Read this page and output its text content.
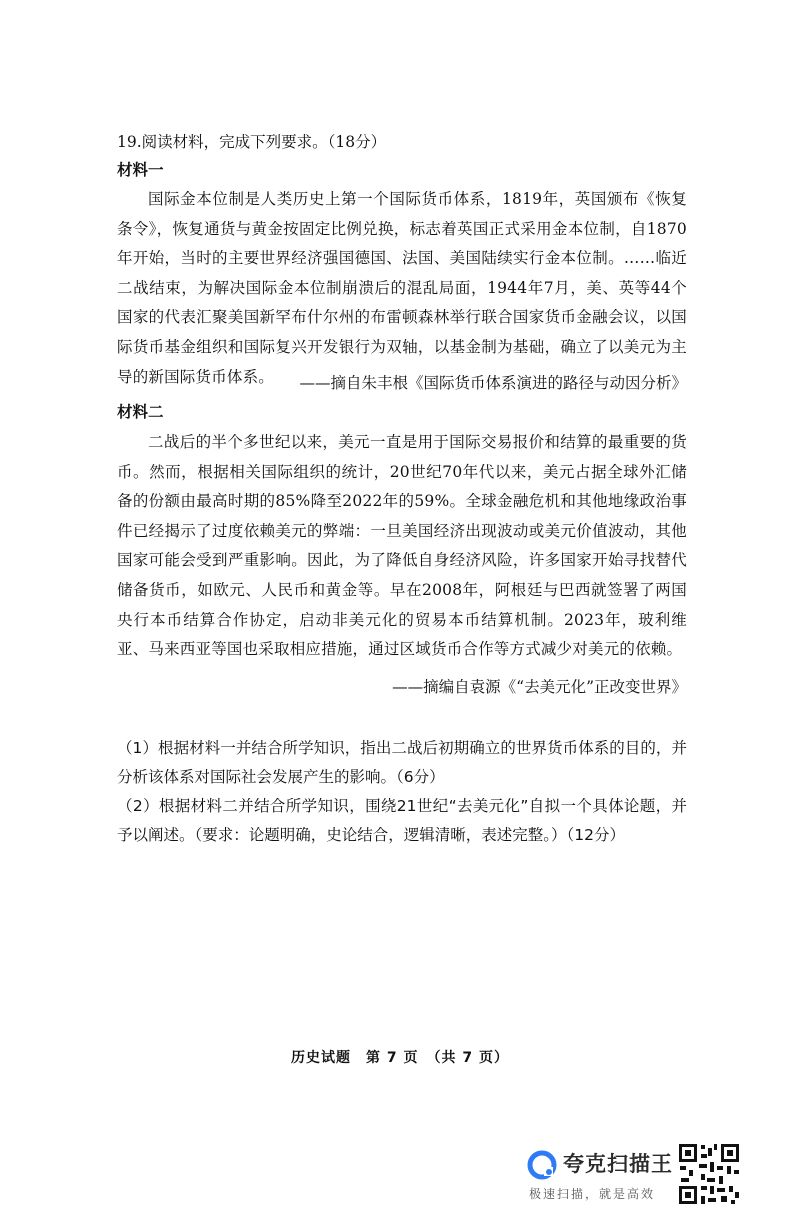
19.阅读材料，完成下列要求。（18分）
材料一
国际金本位制是人类历史上第一个国际货币体系，1819年，英国颁布《恢复条令》，恢复通货与黄金按固定比例兑换，标志着英国正式采用金本位制，自1870年开始，当时的主要世界经济强国德国、法国、美国陆续实行金本位制。……临近二战结束，为解决国际金本位制崩溃后的混乱局面，1944年7月，美、英等44个国家的代表汇聚美国新罕布什尔州的布雷顿森林举行联合国家货币金融会议，以国际货币基金组织和国际复兴开发银行为双轴，以基金制为基础，确立了以美元为主导的新国际货币体系。	——摘自朱丰根《国际货币体系演进的路径与动因分析》
材料二
二战后的半个多世纪以来，美元一直是用于国际交易报价和结算的最重要的货币。然而，根据相关国际组织的统计，20世纪70年代以来，美元占据全球外汇储备的份额由最高时期的85%降至2022年的59%。全球金融危机和其他地缘政治事件已经揭示了过度依赖美元的弊端：一旦美国经济出现波动或美元价值波动，其他国家可能会受到严重影响。因此，为了降低自身经济风险，许多国家开始寻找替代储备货币，如欧元、人民币和黄金等。早在2008年，阿根廷与巴西就签署了两国央行本币结算合作协定，启动非美元化的贸易本币结算机制。2023年，玻利维亚、马来西亚等国也采取相应措施，通过区域货币合作等方式减少对美元的依赖。
——摘编自袁源《“去美元化”正改变世界》
（1）根据材料一并结合所学知识，指出二战后初期确立的世界货币体系的目的，并分析该体系对国际社会发展产生的影响。（6分）
（2）根据材料二并结合所学知识，围绕21世纪“去美元化”自拟一个具体论题，并予以阐述。（要求：论题明确，史论结合，逻辑清晰，表述完整。）（12分）
历史试题　第 7 页　（共 7 页）
夸克扫描王
极速扫描，就是高效
